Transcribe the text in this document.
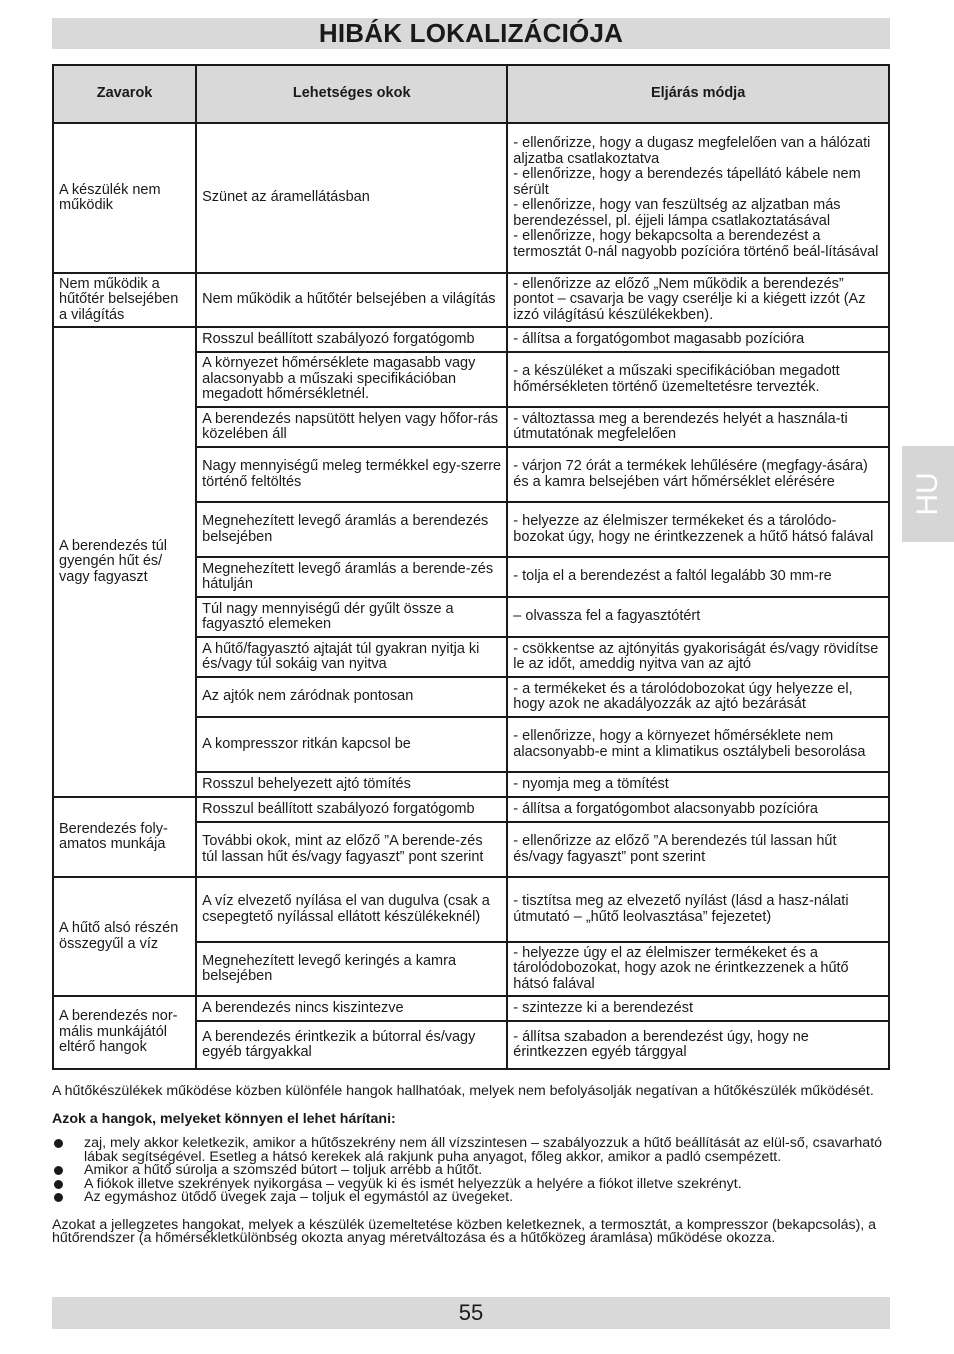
HIBÁK LOKALIZÁCIÓJA
HU
Zavarok	Lehetséges okok	Eljárás módja
A készülék nem működik	Szünet az áramellátásban	- ellenőrizze, hogy a dugasz megfelelően van a hálózati aljzatba csatlakoztatva
- ellenőrizze, hogy a berendezés tápellátó kábele nem sérült
- ellenőrizze, hogy van feszültség az aljzatban más berendezéssel, pl. éjjeli lámpa csatlakoztatásával
- ellenőrizze, hogy bekapcsolta a berendezést a termosztát 0-nál nagyobb pozícióra történő beál-lításával
Nem működik a hűtőtér belsejében a világítás	Nem működik a hűtőtér belsejében a világítás	- ellenőrizze az előző „Nem működik a berendezés” pontot – csavarja be vagy cserélje ki a kiégett izzót (Az izzó világítású készülékekben).
A berendezés túl gyengén hűt és/ vagy fagyaszt	Rosszul beállított szabályozó forgatógomb	- állítsa a forgatógombot magasabb pozícióra
	A környezet hőmérséklete magasabb vagy alacsonyabb a műszaki specifikációban megadott hőmérsékletnél.	- a készüléket a műszaki specifikációban megadott hőmérsékleten történő üzemeltetésre tervezték.
	A berendezés napsütött helyen vagy hőfor-rás közelében áll	- változtassa meg a berendezés helyét a használa-ti útmutatónak megfelelően
	Nagy mennyiségű meleg termékkel egy-szerre történő feltöltés	- várjon 72 órát a termékek lehűlésére (megfagy-ására) és a kamra belsejében várt hőmérséklet elérésére
	Megnehezített levegő áramlás a berendezés belsejében	- helyezze az élelmiszer termékeket és a tárolódo-bozokat úgy, hogy ne érintkezzenek a hűtő hátsó falával
	Megnehezített levegő áramlás a berende-zés hátulján	- tolja el a berendezést a faltól legalább 30 mm-re
	Túl nagy mennyiségű dér gyűlt össze a fagyasztó elemeken	– olvassza fel a fagyasztótért
	A hűtő/fagyasztó ajtaját túl gyakran nyitja ki és/vagy túl sokáig van nyitva	- csökkentse az ajtónyitás gyakoriságát és/vagy rövidítse le az időt, ameddig nyitva van az ajtó
	Az ajtók nem záródnak pontosan	- a termékeket és a tárolódobozokat úgy helyezze el, hogy azok ne akadályozzák az ajtó bezárását
	A kompresszor ritkán kapcsol be	- ellenőrizze, hogy a környezet hőmérséklete nem alacsonyabb-e mint a klimatikus osztálybeli besorolása
	Rosszul behelyezett ajtó tömítés	- nyomja meg a tömítést
Berendezés foly-amatos munkája	Rosszul beállított szabályozó forgatógomb	- állítsa a forgatógombot alacsonyabb pozícióra
	További okok, mint az előző ”A berende-zés túl lassan hűt és/vagy fagyaszt” pont szerint	- ellenőrizze az előző ”A berendezés túl lassan hűt és/vagy fagyaszt” pont szerint
A hűtő alsó részén összegyűl a víz	A víz elvezető nyílása el van dugulva (csak a csepegtető nyílással ellátott készülékeknél)	- tisztítsa meg az elvezető nyílást (lásd a hasz-nálati útmutató – „hűtő leolvasztása” fejezetet)
	Megnehezített levegő keringés a kamra belsejében	- helyezze úgy el az élelmiszer termékeket és a tárolódobozokat, hogy azok ne érintkezzenek a hűtő hátsó falával
A berendezés nor-mális munkájától eltérő hangok	A berendezés nincs kiszintezve	- szintezze ki a berendezést
	A berendezés érintkezik a bútorral és/vagy egyéb tárgyakkal	- állítsa szabadon a berendezést úgy, hogy ne érintkezzen egyéb tárggyal

A hűtőkészülékek működése közben különféle hangok hallhatóak, melyek nem befolyásolják negatívan a hűtőkészülék működését.

Azok a hangok, melyeket könnyen el lehet hárítani:

zaj, mely akkor keletkezik, amikor a hűtőszekrény nem áll vízszintesen – szabályozzuk a hűtő beállítását az elül-ső, csavarható lábak segítségével. Esetleg a hátsó kerekek alá rakjunk puha anyagot, főleg akkor, amikor a padló csempézett.
Amikor a hűtő súrolja a szomszéd bútort – toljuk arrébb a hűtőt.
A fiókok illetve szekrények nyikorgása – vegyük ki és ismét helyezzük a helyére a fiókot illetve szekrényt.
Az egymáshoz ütődő üvegek zaja – toljuk el egymástól az üvegeket.

Azokat a jellegzetes hangokat, melyek a készülék üzemeltetése közben keletkeznek, a termosztát, a kompresszor (bekapcsolás), a hűtőrendszer (a hőmérsékletkülönbség okozta anyag méretváltozása és a hűtőközeg áramlása) működése okozza.

55
